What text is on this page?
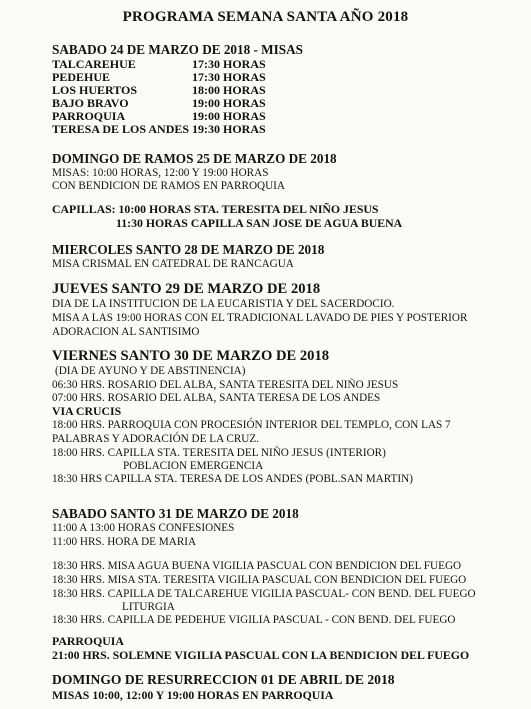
PROGRAMA SEMANA SANTA AÑO 2018
SABADO 24 DE MARZO DE 2018 - MISAS
TALCAREHUE	17:30 HORAS
PEDEHUE	17:30 HORAS
LOS HUERTOS	18:00 HORAS
BAJO BRAVO	19:00 HORAS
PARROQUIA	19:00 HORAS
TERESA DE LOS ANDES 19:30 HORAS
DOMINGO DE RAMOS 25 DE MARZO DE 2018
MISAS: 10:00 HORAS, 12:00 Y 19:00 HORAS
CON BENDICION DE RAMOS EN PARROQUIA
CAPILLAS: 10:00 HORAS STA. TERESITA DEL NIÑO JESUS
11:30 HORAS CAPILLA SAN JOSE DE AGUA BUENA
MIERCOLES SANTO 28 DE MARZO DE 2018
MISA CRISMAL EN CATEDRAL DE RANCAGUA
JUEVES SANTO 29 DE MARZO DE 2018
DIA DE LA INSTITUCION DE LA EUCARISTIA Y DEL SACERDOCIO.
MISA A LAS 19:00 HORAS CON EL TRADICIONAL LAVADO DE PIES Y POSTERIOR
ADORACION AL SANTISIMO
VIERNES SANTO 30 DE MARZO DE 2018
(DIA DE AYUNO Y DE ABSTINENCIA)
06:30 HRS. ROSARIO DEL ALBA, SANTA TERESITA DEL NIÑO JESUS
07:00 HRS. ROSARIO DEL ALBA, SANTA TERESA DE LOS ANDES
VIA CRUCIS
18:00 HRS. PARROQUIA CON PROCESIÓN INTERIOR DEL TEMPLO, CON LAS 7
PALABRAS Y ADORACIÓN DE LA CRUZ.
18:00 HRS. CAPILLA STA. TERESITA DEL NIÑO JESUS (INTERIOR)
POBLACION EMERGENCIA
18:30 HRS CAPILLA STA. TERESA DE LOS ANDES (POBL.SAN MARTIN)
SABADO SANTO 31 DE MARZO DE 2018
11:00 A 13:00 HORAS CONFESIONES
11:00 HRS. HORA DE MARIA
18:30 HRS. MISA AGUA BUENA VIGILIA PASCUAL CON BENDICION DEL FUEGO
18:30 HRS. MISA STA. TERESITA VIGILIA PASCUAL CON BENDICION DEL FUEGO
18:30 HRS. CAPILLA DE TALCAREHUE VIGILIA PASCUAL- CON BEND. DEL FUEGO
LITURGIA
18:30 HRS. CAPILLA DE PEDEHUE VIGILIA PASCUAL - CON BEND. DEL FUEGO
PARROQUIA
21:00 HRS. SOLEMNE VIGILIA PASCUAL CON LA BENDICION DEL FUEGO
DOMINGO DE RESURRECCION 01 DE ABRIL DE 2018
MISAS 10:00, 12:00 Y 19:00 HORAS EN PARROQUIA
